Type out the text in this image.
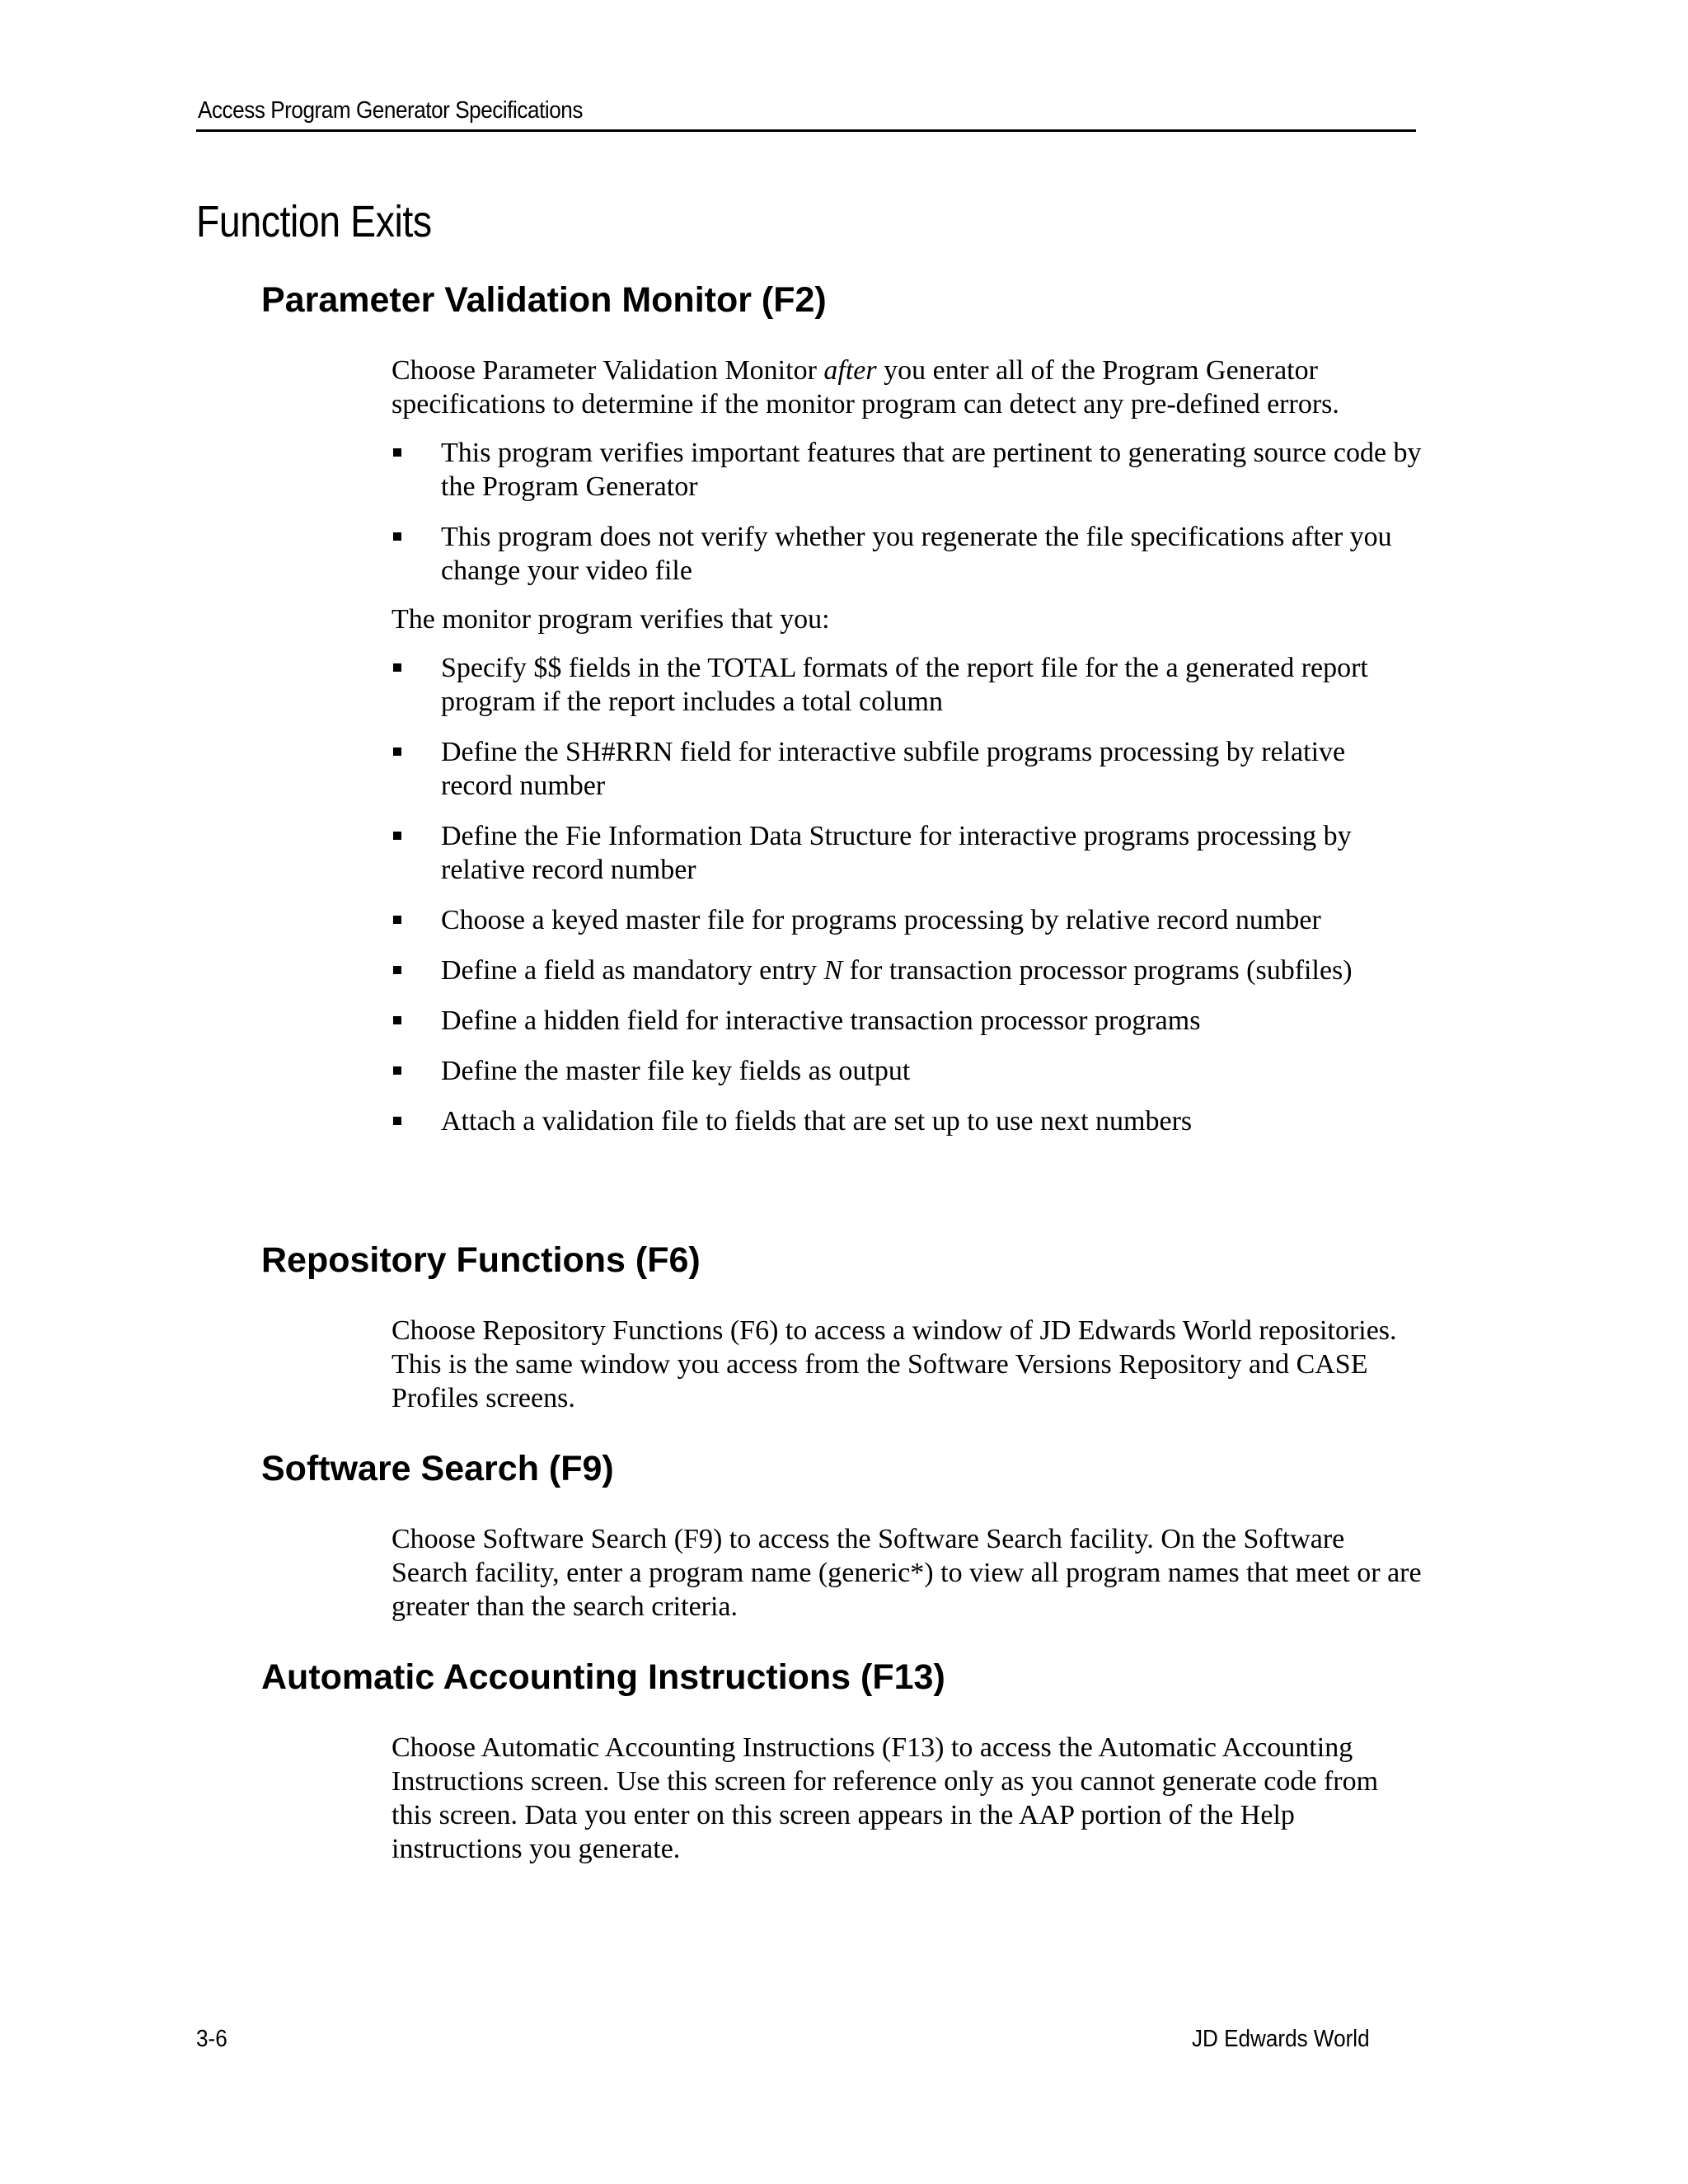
Access Program Generator Specifications
Function Exits
Parameter Validation Monitor (F2)

Choose Parameter Validation Monitor after you enter all of the Program Generator specifications to determine if the monitor program can detect any pre-defined errors.

This program verifies important features that are pertinent to generating source code by the Program Generator
This program does not verify whether you regenerate the file specifications after you change your video file

The monitor program verifies that you:

Specify $$ fields in the TOTAL formats of the report file for the a generated report program if the report includes a total column
Define the SH#RRN field for interactive subfile programs processing by relative record number
Define the Fie Information Data Structure for interactive programs processing by relative record number
Choose a keyed master file for programs processing by relative record number
Define a field as mandatory entry N for transaction processor programs (subfiles)
Define a hidden field for interactive transaction processor programs
Define the master file key fields as output
Attach a validation file to fields that are set up to use next numbers
Repository Functions (F6)

Choose Repository Functions (F6) to access a window of JD Edwards World repositories. This is the same window you access from the Software Versions Repository and CASE Profiles screens.

Software Search (F9)

Choose Software Search (F9) to access the Software Search facility. On the Software Search facility, enter a program name (generic*) to view all program names that meet or are greater than the search criteria.

Automatic Accounting Instructions (F13)

Choose Automatic Accounting Instructions (F13) to access the Automatic Accounting Instructions screen. Use this screen for reference only as you cannot generate code from this screen. Data you enter on this screen appears in the AAP portion of the Help instructions you generate.

3-6	JD Edwards World
